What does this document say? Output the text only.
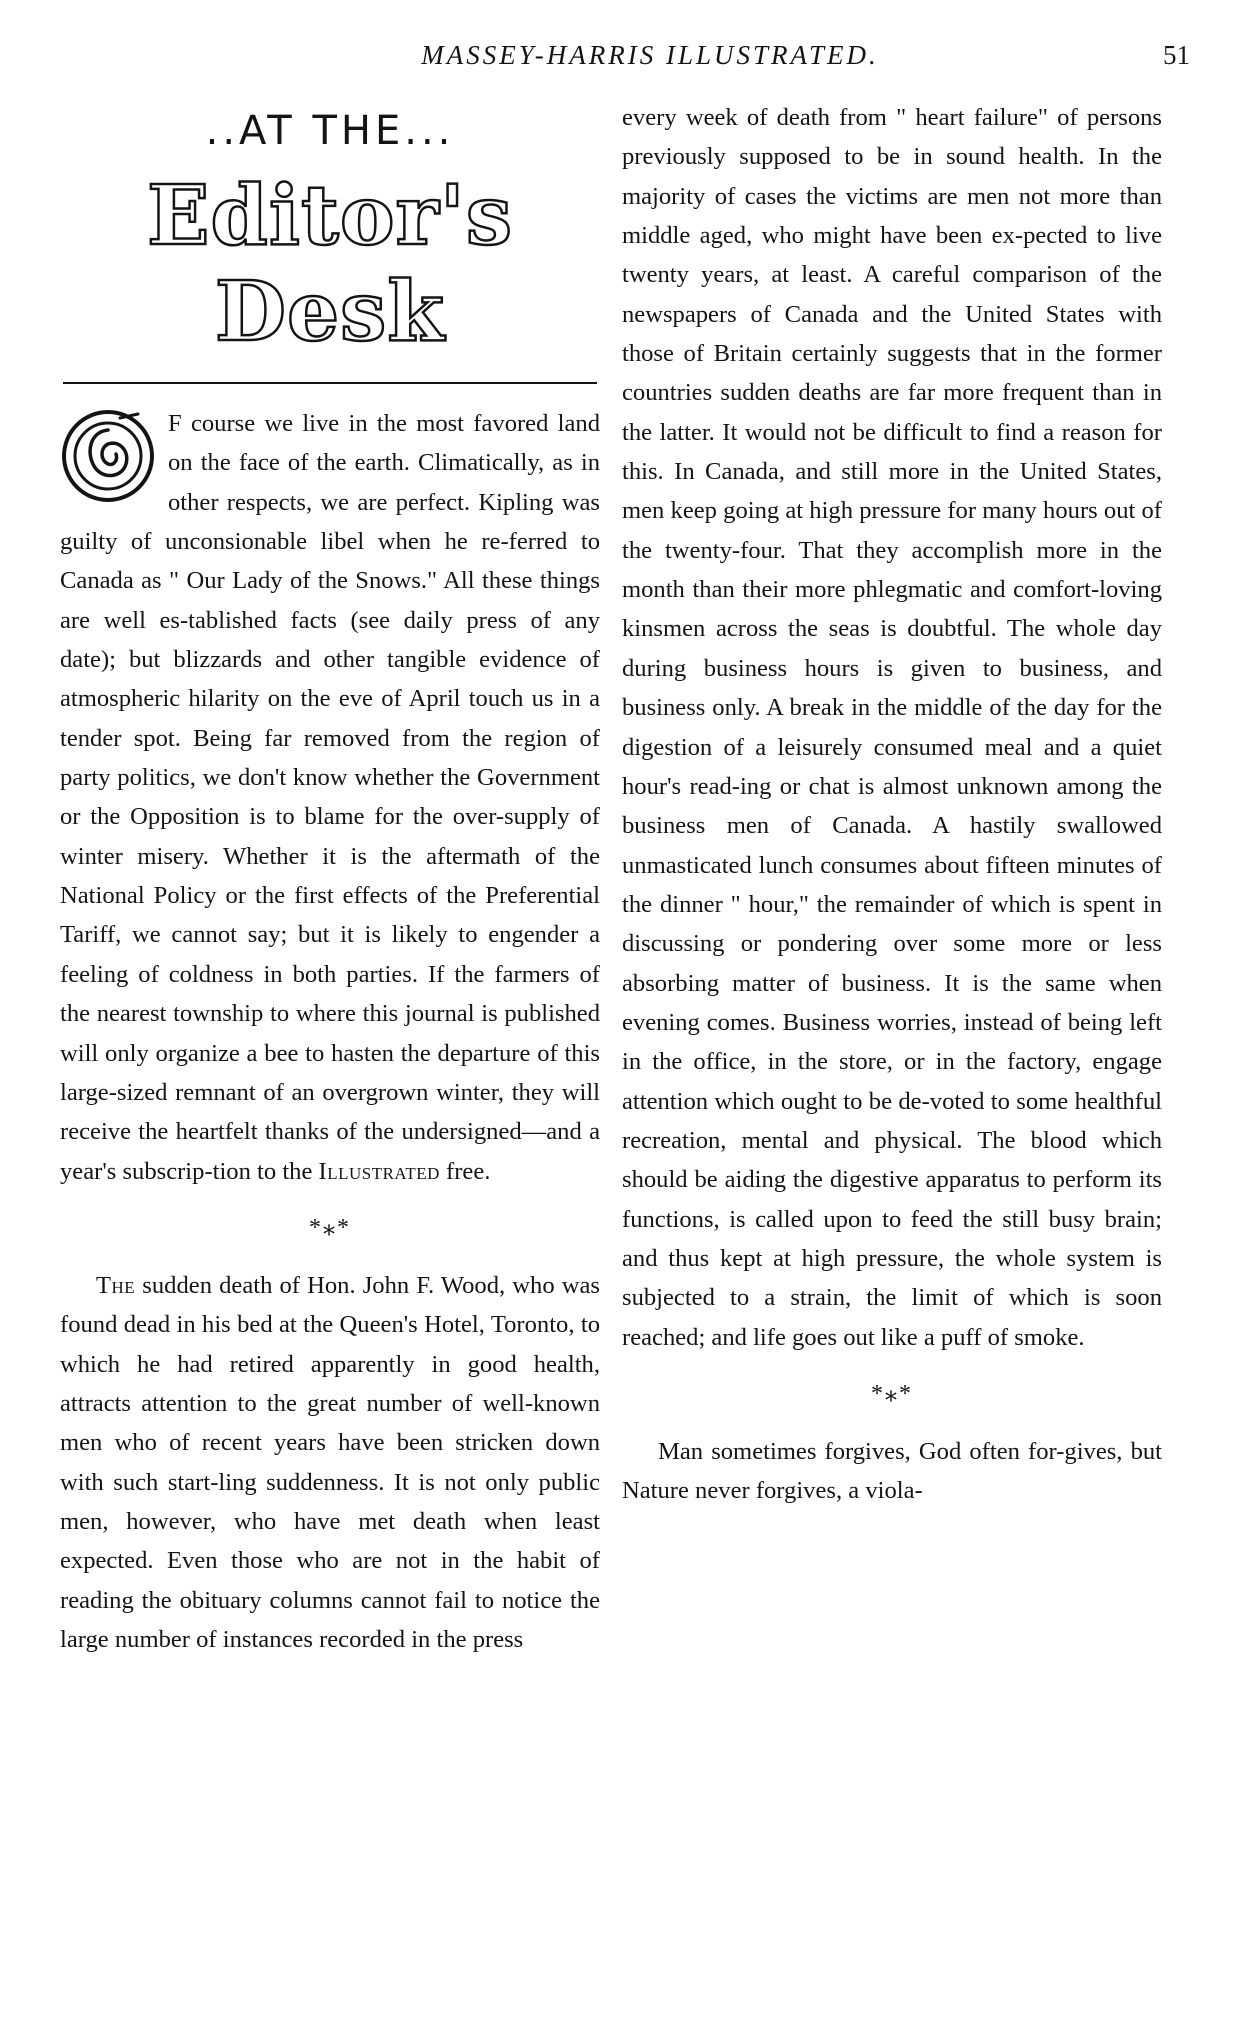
MASSEY-HARRIS ILLUSTRATED.	51
..AT THE...
Editor's Desk

F course we live in the most favored land on the face of the earth. Climatically, as in other respects, we are perfect. Kipling was guilty of unconsionable libel when he re-ferred to Canada as " Our Lady of the Snows." All these things are well es-tablished facts (see daily press of any date); but blizzards and other tangible evidence of atmospheric hilarity on the eve of April touch us in a tender spot. Being far removed from the region of party politics, we don't know whether the Government or the Opposition is to blame for the over-supply of winter misery. Whether it is the aftermath of the National Policy or the first effects of the Preferential Tariff, we cannot say; but it is likely to engender a feeling of coldness in both parties. If the farmers of the nearest township to where this journal is published will only organize a bee to hasten the departure of this large-sized remnant of an overgrown winter, they will receive the heartfelt thanks of the undersigned—and a year's subscrip-tion to the Illustrated free.

*⁎*

The sudden death of Hon. John F. Wood, who was found dead in his bed at the Queen's Hotel, Toronto, to which he had retired apparently in good health, attracts attention to the great number of well-known men who of recent years have been stricken down with such start-ling suddenness. It is not only public men, however, who have met death when least expected. Even those who are not in the habit of reading the obituary columns cannot fail to notice the large number of instances recorded in the press

every week of death from " heart failure" of persons previously supposed to be in sound health. In the majority of cases the victims are men not more than middle aged, who might have been ex-pected to live twenty years, at least. A careful comparison of the newspapers of Canada and the United States with those of Britain certainly suggests that in the former countries sudden deaths are far more frequent than in the latter. It would not be difficult to find a reason for this. In Canada, and still more in the United States, men keep going at high pressure for many hours out of the twenty-four. That they accomplish more in the month than their more phlegmatic and comfort-loving kinsmen across the seas is doubtful. The whole day during business hours is given to business, and business only. A break in the middle of the day for the digestion of a leisurely consumed meal and a quiet hour's read-ing or chat is almost unknown among the business men of Canada. A hastily swallowed unmasticated lunch consumes about fifteen minutes of the dinner " hour," the remainder of which is spent in discussing or pondering over some more or less absorbing matter of business. It is the same when evening comes. Business worries, instead of being left in the office, in the store, or in the factory, engage attention which ought to be de-voted to some healthful recreation, mental and physical. The blood which should be aiding the digestive apparatus to perform its functions, is called upon to feed the still busy brain; and thus kept at high pressure, the whole system is subjected to a strain, the limit of which is soon reached; and life goes out like a puff of smoke.

*⁎*

Man sometimes forgives, God often for-gives, but Nature never forgives, a viola-
